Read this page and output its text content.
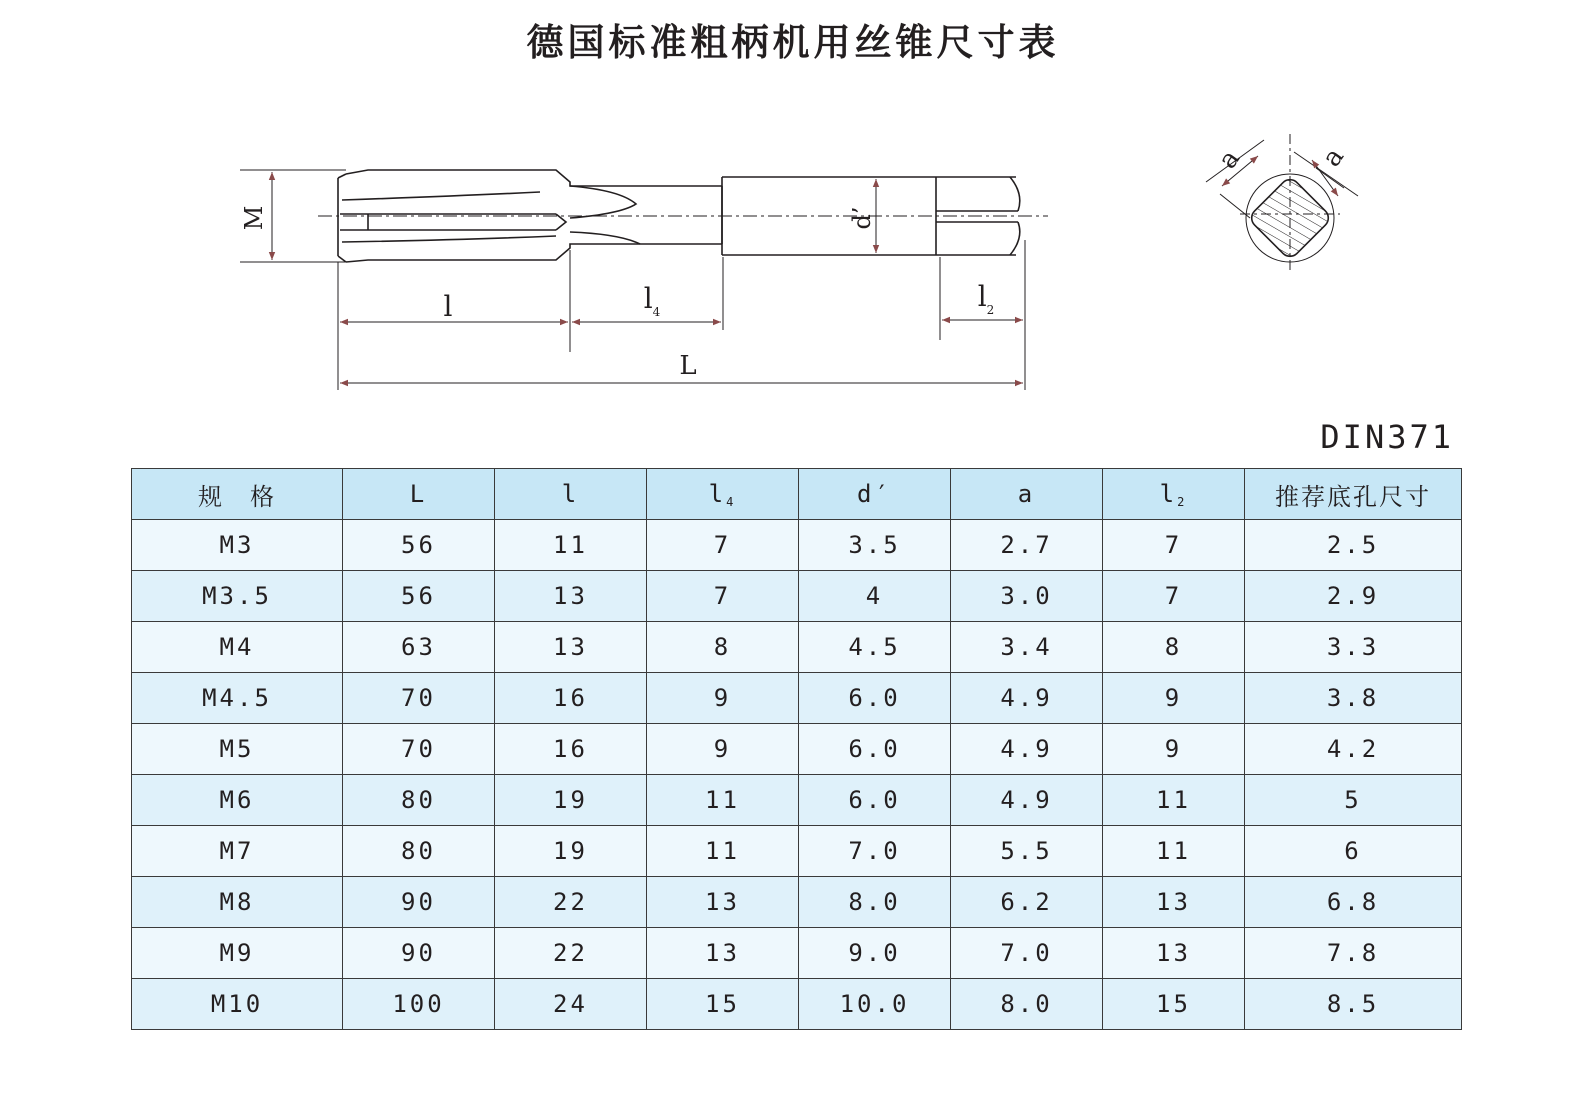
德国标准粗柄机用丝锥尺寸表
M	d’
l	$l_4$	$l_2$
L
a	a
DIN371
规　格	L	l	$l_4$	d′	a	$l_2$	推荐底孔尺寸
M3	56	11	7	3.5	2.7	7	2.5
M3.5	56	13	7	4	3.0	7	2.9
M4	63	13	8	4.5	3.4	8	3.3
M4.5	70	16	9	6.0	4.9	9	3.8
M5	70	16	9	6.0	4.9	9	4.2
M6	80	19	11	6.0	4.9	11	5
M7	80	19	11	7.0	5.5	11	6
M8	90	22	13	8.0	6.2	13	6.8
M9	90	22	13	9.0	7.0	13	7.8
M10	100	24	15	10.0	8.0	15	8.5
